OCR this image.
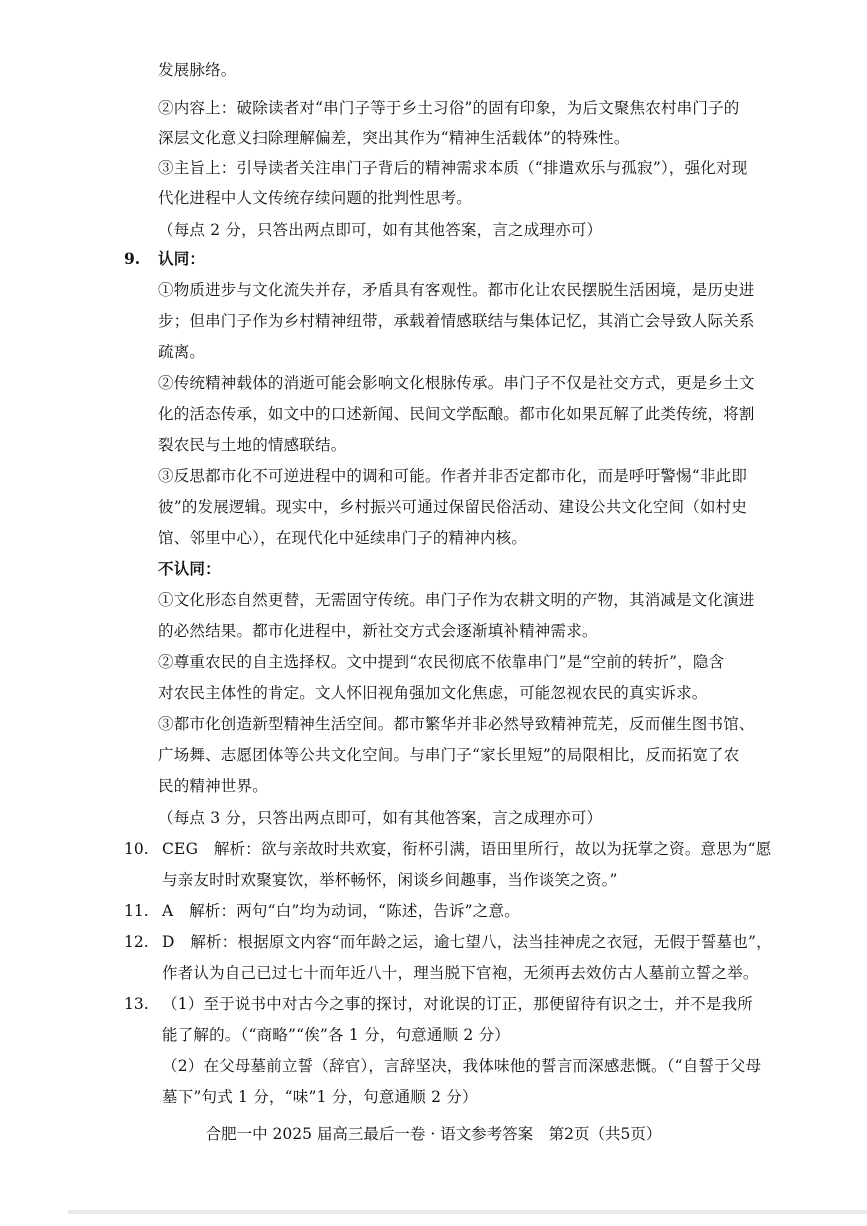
发展脉络。
②内容上：破除读者对“串门子等于乡土习俗”的固有印象，为后文聚焦农村串门子的
深层文化意义扫除理解偏差，突出其作为“精神生活载体”的特殊性。
③主旨上：引导读者关注串门子背后的精神需求本质（“排遣欢乐与孤寂”），强化对现
代化进程中人文传统存续问题的批判性思考。
（每点 2 分，只答出两点即可，如有其他答案，言之成理亦可）
9. 认同：
①物质进步与文化流失并存，矛盾具有客观性。都市化让农民摆脱生活困境，是历史进
步；但串门子作为乡村精神纽带，承载着情感联结与集体记忆，其消亡会导致人际关系
疏离。
②传统精神载体的消逝可能会影响文化根脉传承。串门子不仅是社交方式，更是乡土文
化的活态传承，如文中的口述新闻、民间文学酝酿。都市化如果瓦解了此类传统，将割
裂农民与土地的情感联结。
③反思都市化不可逆进程中的调和可能。作者并非否定都市化，而是呼吁警惕“非此即
彼”的发展逻辑。现实中，乡村振兴可通过保留民俗活动、建设公共文化空间（如村史
馆、邻里中心），在现代化中延续串门子的精神内核。
不认同：
①文化形态自然更替，无需固守传统。串门子作为农耕文明的产物，其消减是文化演进
的必然结果。都市化进程中，新社交方式会逐渐填补精神需求。
②尊重农民的自主选择权。文中提到“农民彻底不依靠串门”是“空前的转折”，隐含
对农民主体性的肯定。文人怀旧视角强加文化焦虑，可能忽视农民的真实诉求。
③都市化创造新型精神生活空间。都市繁华并非必然导致精神荒芜，反而催生图书馆、
广场舞、志愿团体等公共文化空间。与串门子“家长里短”的局限相比，反而拓宽了农
民的精神世界。
（每点 3 分，只答出两点即可，如有其他答案，言之成理亦可）
10. CEG　解析：欲与亲故时共欢宴，衔杯引满，语田里所行，故以为抚掌之资。意思为“愿
与亲友时时欢聚宴饮，举杯畅怀，闲谈乡间趣事，当作谈笑之资。”
11. A　解析：两句“白”均为动词，“陈述，告诉”之意。
12. D　解析：根据原文内容“而年龄之运，逾七望八，法当挂神虎之衣冠，无假于誓墓也”，
作者认为自己已过七十而年近八十，理当脱下官袍，无须再去效仿古人墓前立誓之举。
13. （1）至于说书中对古今之事的探讨，对讹误的订正，那便留待有识之士，并不是我所
能了解的。（“商略”“俟”各 1 分，句意通顺 2 分）
（2）在父母墓前立誓（辞官），言辞坚决，我体味他的誓言而深感悲慨。（“自誓于父母
墓下”句式 1 分，“味”1 分，句意通顺 2 分）
合肥一中 2025 届高三最后一卷 · 语文参考答案　第2页（共5页）
